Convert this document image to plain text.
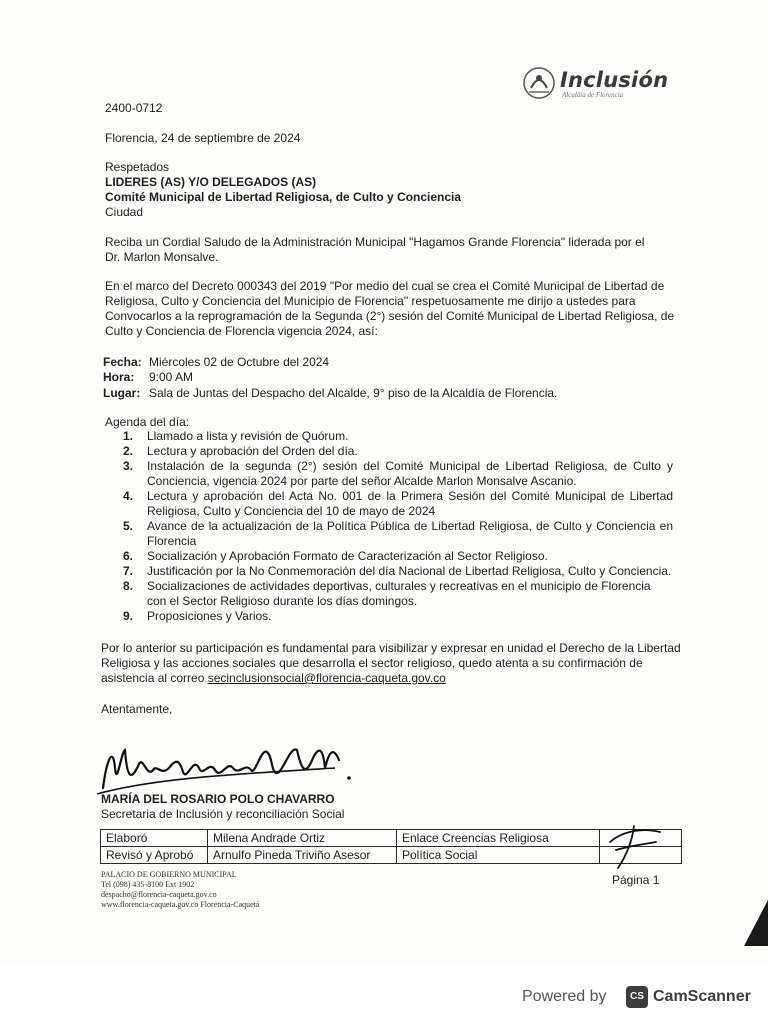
Inclusión
Alcaldía de Florencia
2400-0712
Florencia, 24 de septiembre de 2024
Respetados
LIDERES (AS) Y/O DELEGADOS (AS)
Comité Municipal de Libertad Religiosa, de Culto y Conciencia
Ciudad
Reciba un Cordial Saludo de la Administración Municipal "Hagamos Grande Florencia" liderada por el
Dr. Marlon Monsalve.
En el marco del Decreto 000343 del 2019 "Por medio del cual se crea el Comité Municipal de Libertad de
Religiosa, Culto y Conciencia del Municipio de Florencia" respetuosamente me dirijo a ustedes para
Convocarlos a la reprogramación de la Segunda (2°) sesión del Comité Municipal de Libertad Religiosa, de
Culto y Conciencia de Florencia vigencia 2024, así:
Fecha: Miércoles 02 de Octubre del 2024
Hora: 9:00 AM
Lugar: Sala de Juntas del Despacho del Alcalde, 9° piso de la Alcaldía de Florencia.
Agenda del día:
1. Llamado a lista y revisión de Quórum.
2. Lectura y aprobación del Orden del día.
3. Instalación de la segunda (2°) sesión del Comité Municipal de Libertad Religiosa, de Culto y Conciencia, vigencia 2024 por parte del señor Alcalde Marlon Monsalve Ascanio.
4. Lectura y aprobación del Acta No. 001 de la Primera Sesión del Comité Municipal de Libertad Religiosa, Culto y Conciencia del 10 de mayo de 2024
5. Avance de la actualización de la Política Pública de Libertad Religiosa, de Culto y Conciencia en Florencia
6. Socialización y Aprobación Formato de Caracterización al Sector Religioso.
7. Justificación por la No Conmemoración del día Nacional de Libertad Religiosa, Culto y Conciencia.
8. Socializaciones de actividades deportivas, culturales y recreativas en el municipio de Florencia con el Sector Religioso durante los días domingos.
9. Proposiciones y Varios.
Por lo anterior su participación es fundamental para visibilizar y expresar en unidad el Derecho de la Libertad
Religiosa y las acciones sociales que desarrolla el sector religioso, quedo atenta a su confirmación de
asistencia al correo secinclusionsocial@florencia-caqueta.gov.co
Atentamente,
MARÍA DEL ROSARIO POLO CHAVARRO
Secretaria de Inclusión y reconciliación Social
Elaboró	Milena Andrade Ortiz	Enlace Creencias Religiosa	
Revisó y Aprobó	Arnulfo Pineda Triviño Asesor	Política Social	
PALACIO DE GOBIERNO MUNICIPAL
Tel (098) 435-8100 Ext 1902
despacho@florencia-caqueta.gov.co
www.florencia-caqueta.gov.co Florencia-Caquetá
Página 1
Powered by	CS CamScanner
